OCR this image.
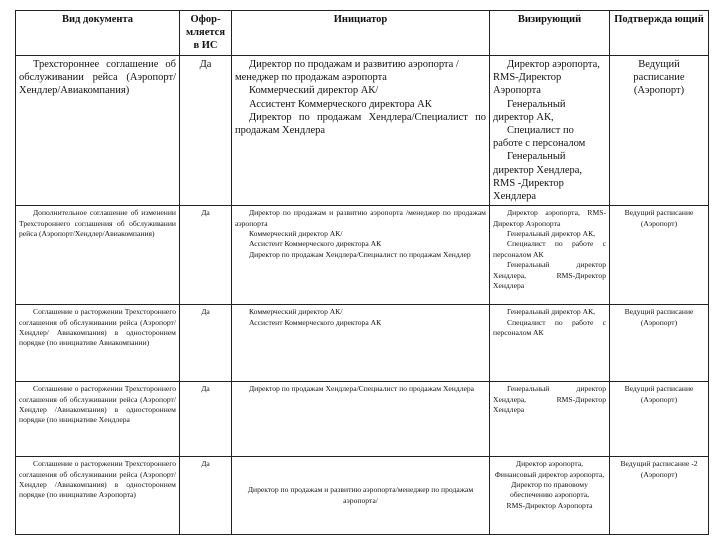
Вид документа	Офор-мляется в ИС	Инициатор	Визирующий	Подтвержда ющий

Трехстороннее соглашение об обслуживании рейса (Аэропорт/Хендлер/Авиакомпания)	Да	Директор по продажам и развитию аэропорта /менеджер по продажам аэропорта
Коммерческий директор АК/
Ассистент Коммерческого директора АК
Директор по продажам Хендлера/Специалист по продажам Хендлера	Директор аэропорта, RMS-Директор Аэропорта
Генеральный директор АК,
Специалист по работе с персоналом
Генеральный директор Хендлера, RMS -Директор Хендлера	Ведущий расписание (Аэропорт)

Дополнительное соглашение об изменении Трехстороннего соглашения об обслуживании рейса (Аэропорт/Хендлер/Авиакомпания)	Да	Директор по продажам и развитию аэропорта /менеджер по продажам аэропорта
Коммерческий директор АК/
Ассистент Коммерческого директора АК
Директор по продажам Хендлера/Специалист по продажам Хендлер	Директор аэропорта, RMS-Директор Аэропорта
Генеральный директор АК,
Специалист по работе с персоналом АК
Генеральный директор Хендлера, RMS-Директор Хендлера	Ведущий расписание (Аэропорт)

Соглашение о расторжении Трехстороннего соглашения об обслуживании рейса (Аэропорт/Хендлер/ Авиакомпания) в одностороннем порядке (по инициативе Авиакомпании)	Да	Коммерческий директор АК/
Ассистент Коммерческого директора АК	Генеральный директор АК,
Специалист по работе с персоналом АК	Ведущий расписание (Аэропорт)

Соглашение о расторжении Трехстороннего соглашения об обслуживании рейса (Аэропорт/Хендлер /Авиакомпания) в одностороннем порядке (по инициативе Хендлера	Да	Директор по продажам Хендлера/Специалист по продажам Хендлера	Генеральный директор Хендлера, RMS-Директор Хендлера	Ведущий расписание (Аэропорт)

Соглашение о расторжении Трехстороннего соглашения об обслуживании рейса (Аэропорт/Хендлер /Авиакомпания) в одностороннем порядке (по инициативе Аэропорта)	Да	Директор по продажам и развитию аэропорта/менеджер по продажам аэропорта/	Директор аэропорта,
Финансовый директор аэропорта,
Директор по правовому обеспечению аэропорта,
RMS-Директор Аэропорта	Ведущий расписание -2 (Аэропорт)
